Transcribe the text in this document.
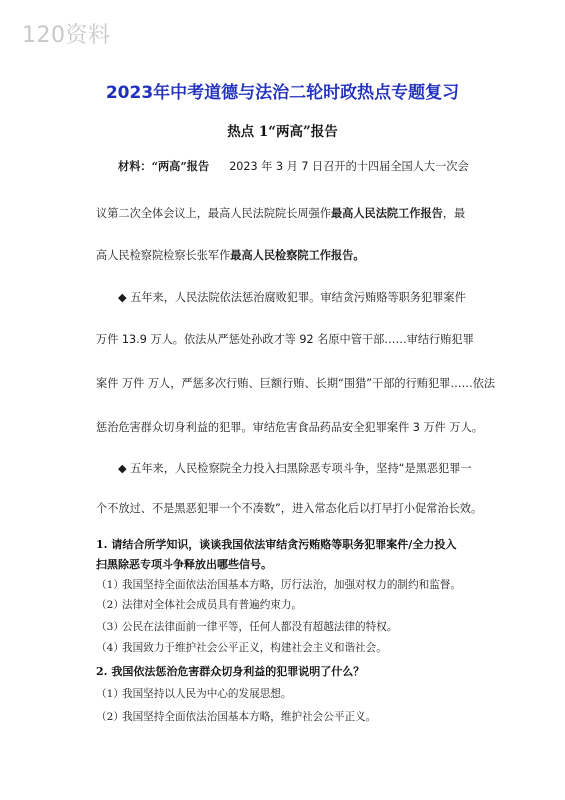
120资料
2023年中考道德与法治二轮时政热点专题复习
热点 1“两高”报告
材料：“两高”报告 2023 年 3 月 7 日召开的十四届全国人大一次会
议第二次全体会议上，最高人民法院院长周强作最高人民法院工作报告，最
高人民检察院检察长张军作最高人民检察院工作报告。
◆ 五年来，人民法院依法惩治腐败犯罪。审结贪污贿赂等职务犯罪案件
万件 13.9 万人。依法从严惩处孙政才等 92 名原中管干部……审结行贿犯罪
案件 万件 万人，严惩多次行贿、巨额行贿、长期“围猎”干部的行贿犯罪……依法
惩治危害群众切身利益的犯罪。审结危害食品药品安全犯罪案件 3 万件 万人。
◆ 五年来，人民检察院全力投入扫黑除恶专项斗争，坚持“是黑恶犯罪一
个不放过、不是黑恶犯罪一个不凑数”，进入常态化后以打早打小促常治长效。
1. 请结合所学知识，谈谈我国依法审结贪污贿赂等职务犯罪案件/全力投入
扫黑除恶专项斗争释放出哪些信号。
（1）我国坚持全面依法治国基本方略，厉行法治，加强对权力的制约和监督。
（2）法律对全体社会成员具有普遍约束力。
（3）公民在法律面前一律平等，任何人都没有超越法律的特权。
（4）我国致力于维护社会公平正义，构建社会主义和谐社会。
2. 我国依法惩治危害群众切身利益的犯罪说明了什么？
（1）我国坚持以人民为中心的发展思想。
（2）我国坚持全面依法治国基本方略，维护社会公平正义。
